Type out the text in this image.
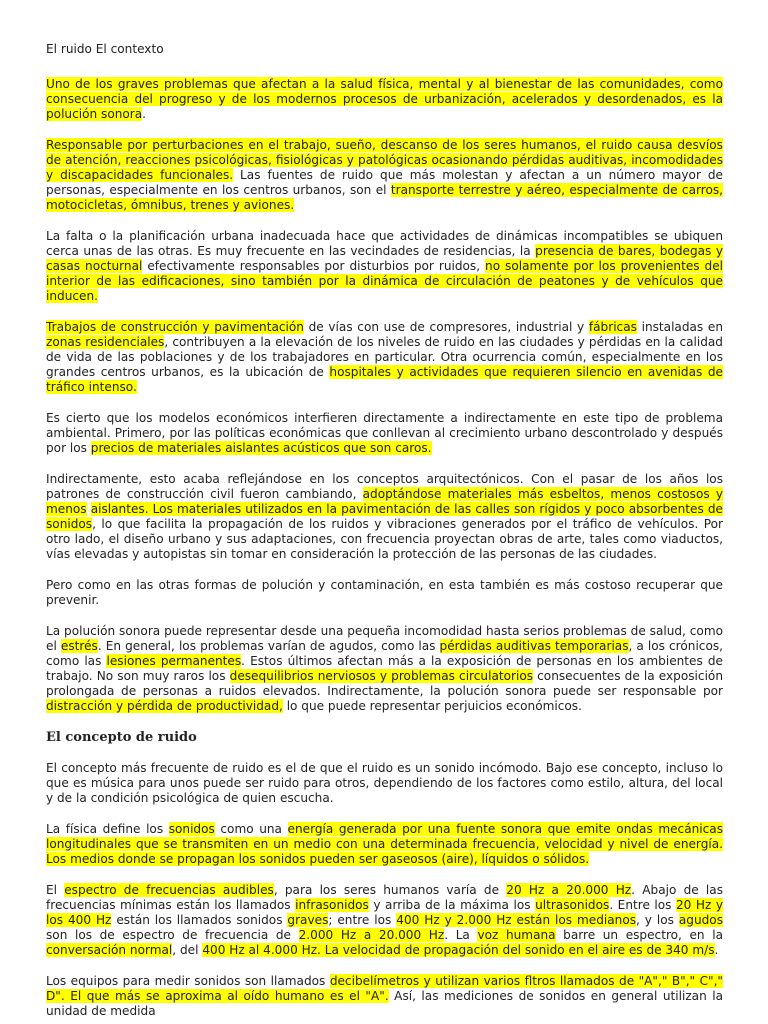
El ruido El contexto
Uno de los graves problemas que afectan a la salud física, mental y al bienestar de las comunidades, como consecuencia del progreso y de los modernos procesos de urbanización, acelerados y desordenados, es la polución sonora.
Responsable por perturbaciones en el trabajo, sueño, descanso de los seres humanos, el ruido causa desvíos de atención, reacciones psicológicas, fisiológicas y patológicas ocasionando pérdidas auditivas, incomodidades y discapacidades funcionales. Las fuentes de ruido que más molestan y afectan a un número mayor de personas, especialmente en los centros urbanos, son el transporte terrestre y aéreo, especialmente de carros, motocicletas, ómnibus, trenes y aviones.
La falta o la planificación urbana inadecuada hace que actividades de dinámicas incompatibles se ubiquen cerca unas de las otras. Es muy frecuente en las vecindades de residencias, la presencia de bares, bodegas y casas nocturnal efectivamente responsables por disturbios por ruidos, no solamente por los provenientes del interior de las edificaciones, sino también por la dinámica de circulación de peatones y de vehículos que inducen.
Trabajos de construcción y pavimentación de vías con use de compresores, industrial y fábricas instaladas en zonas residenciales, contribuyen a la elevación de los niveles de ruido en las ciudades y pérdidas en la calidad de vida de las poblaciones y de los trabajadores en particular. Otra ocurrencia común, especialmente en los grandes centros urbanos, es la ubicación de hospitales y actividades que requieren silencio en avenidas de tráfico intenso.
Es cierto que los modelos económicos interfieren directamente a indirectamente en este tipo de problema ambiental. Primero, por las políticas económicas que conllevan al crecimiento urbano descontrolado y después por los precios de materiales aislantes acústicos que son caros.
Indirectamente, esto acaba reflejándose en los conceptos arquitectónicos. Con el pasar de los años los patrones de construcción civil fueron cambiando, adoptándose materiales más esbeltos, menos costosos y menos aislantes. Los materiales utilizados en la pavimentación de las calles son rígidos y poco absorbentes de sonidos, lo que facilita la propagación de los ruidos y vibraciones generados por el tráfico de vehículos. Por otro lado, el diseño urbano y sus adaptaciones, con frecuencia proyectan obras de arte, tales como viaductos, vías elevadas y autopistas sin tomar en consideración la protección de las personas de las ciudades.
Pero como en las otras formas de polución y contaminación, en esta también es más costoso recuperar que prevenir.
La polución sonora puede representar desde una pequeña incomodidad hasta serios problemas de salud, como el estrés. En general, los problemas varían de agudos, como las pérdidas auditivas temporarias, a los crónicos, como las lesiones permanentes. Estos últimos afectan más a la exposición de personas en los ambientes de trabajo. No son muy raros los desequilibrios nerviosos y problemas circulatorios consecuentes de la exposición prolongada de personas a ruidos elevados. Indirectamente, la polución sonora puede ser responsable por distracción y pérdida de productividad, lo que puede representar perjuicios económicos.
El concepto de ruido
El concepto más frecuente de ruido es el de que el ruido es un sonido incómodo. Bajo ese concepto, incluso lo que es música para unos puede ser ruido para otros, dependiendo de los factores como estilo, altura, del local y de la condición psicológica de quien escucha.
La física define los sonidos como una energía generada por una fuente sonora que emite ondas mecánicas longitudinales que se transmiten en un medio con una determinada frecuencia, velocidad y nivel de energía. Los medios donde se propagan los sonidos pueden ser gaseosos (aire), líquidos o sólidos.
El espectro de frecuencias audibles, para los seres humanos varía de 20 Hz a 20.000 Hz. Abajo de las frecuencias mínimas están los llamados infrasonidos y arriba de la máxima los ultrasonidos. Entre los 20 Hz y los 400 Hz están los llamados sonidos graves; entre los 400 Hz y 2.000 Hz están los medianos, y los agudos son los de espectro de frecuencia de 2.000 Hz a 20.000 Hz. La voz humana barre un espectro, en la conversación normal, del 400 Hz al 4.000 Hz. La velocidad de propagación del sonido en el aire es de 340 m/s.
Los equipos para medir sonidos son llamados decibelímetros y utilizan varios fltros llamados de "A"," B"," C"," D". El que más se aproxima al oído humano es el "A". Así, las mediciones de sonidos en general utilizan la unidad de medida
